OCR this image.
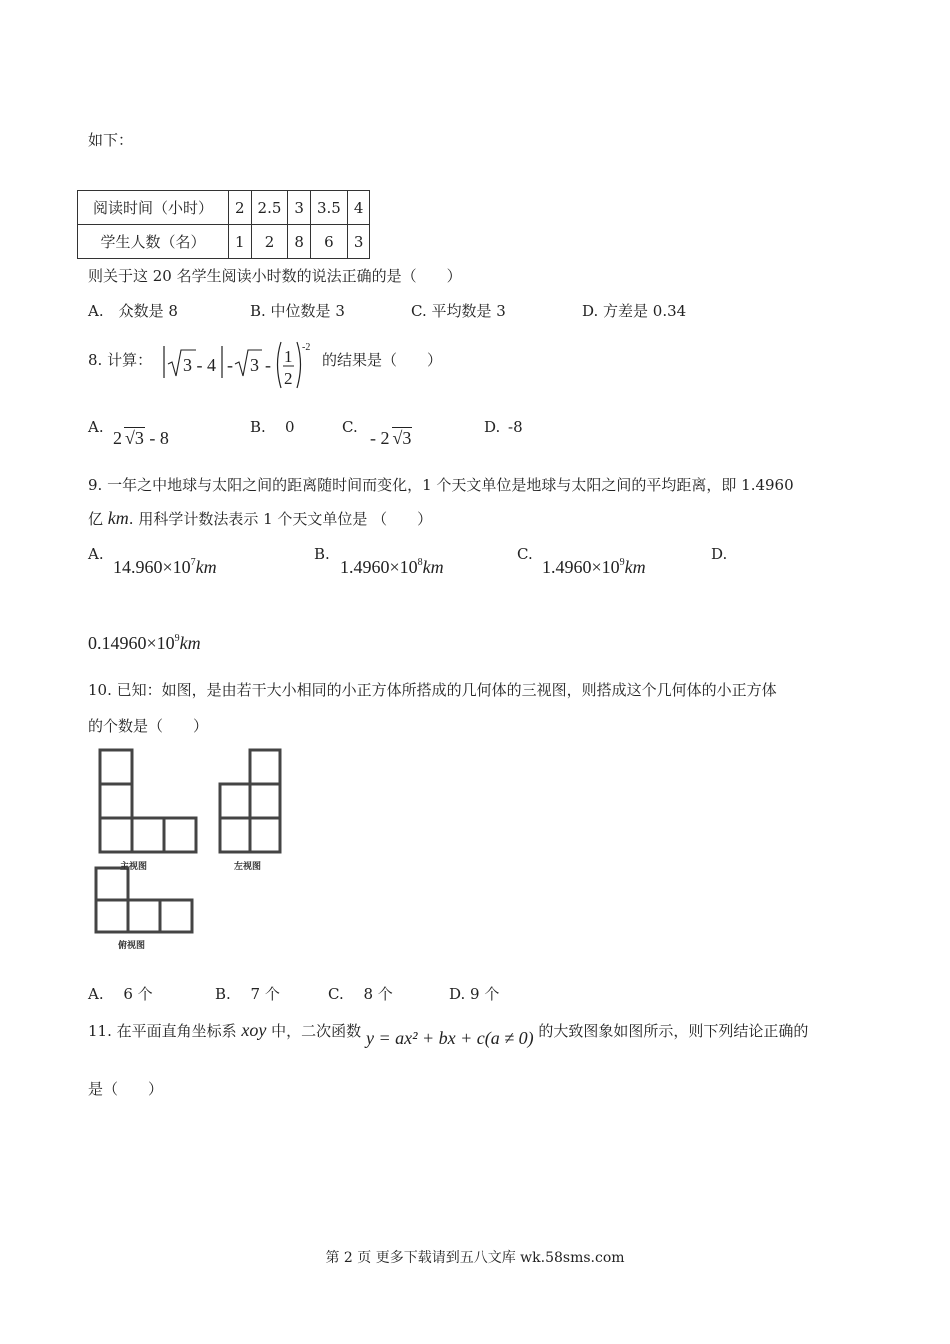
如下：
阅读时间（小时）	2	2.5	3	3.5	4
学生人数（名）	1	2	8	6	3
则关于这 20 名学生阅读小时数的说法正确的是（　　）
A.　众数是 8	B. 中位数是 3	C. 平均数是 3	D. 方差是 0.34
8. 计算： 3 - 4 - 3 - 1
2
-2
的结果是（　　）
A.
2 √3 - 8
B. 0	C.
- 2 √3
D. -8
9. 一年之中地球与太阳之间的距离随时间而变化，1 个天文单位是地球与太阳之间的平均距离，即 1.4960
亿 km. 用科学计数法表示 1 个天文单位是 （　　）
A.
$14.960\times 10^7km$
B.
$1.4960\times 10^8km$
C.
$1.4960\times 10^9km$
D.
$0.14960\times 10^9km$
10. 已知：如图，是由若干大小相同的小正方体所搭成的几何体的三视图，则搭成这个几何体的小正方体
的个数是（　　）
主视图	左视图
俯视图
A.　 6 个	B.　 7 个	C.　 8 个	D. 9 个
11. 在平面直角坐标系 xoy 中，二次函数 y = ax² + bx + c(a ≠ 0) 的大致图象如图所示，则下列结论正确的
是（　　）
第 2 页 更多下载请到五八文库 wk.58sms.com
